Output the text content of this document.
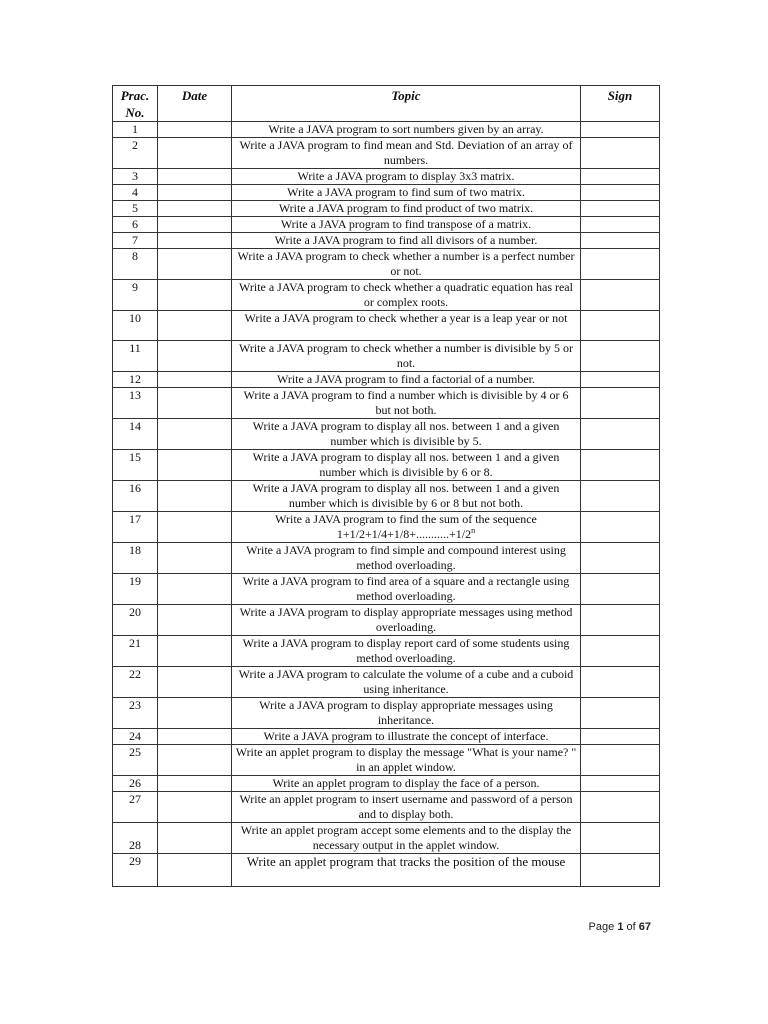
Prac. No.	Date	Topic	Sign
1		Write a JAVA program to sort numbers given by an array.	
2		Write a JAVA program to find mean and Std. Deviation of an array of numbers.	
3		Write a JAVA program to display 3x3 matrix.	
4		Write a JAVA program to find sum of two matrix.	
5		Write a JAVA program to find product of two matrix.	
6		Write a JAVA program to find transpose of a matrix.	
7		Write a JAVA program to find all divisors of a number.	
8		Write a JAVA program to check whether a number is a perfect number or not.	
9		Write a JAVA program to check whether a quadratic equation has real or complex roots.	
10		Write a JAVA program to check whether a year is a leap year or not	
11		Write a JAVA program to check whether a number is divisible by 5 or not.	
12		Write a JAVA program to find a factorial of a number.	
13		Write a JAVA program to find a number which is divisible by 4 or 6 but not both.	
14		Write a JAVA program to display all nos. between 1 and a given number which is divisible by 5.	
15		Write a JAVA program to display all nos. between 1 and a given number which is divisible by 6 or 8.	
16		Write a JAVA program to display all nos. between 1 and a given number which is divisible by 6 or 8 but not both.	
17		Write a JAVA program to find the sum of the sequence
$1+1/2+1/4+1/8+...........+1/2^n$

18		Write a JAVA program to find simple and compound interest using method overloading.	
19		Write a JAVA program to find area of a square and a rectangle using method overloading.	
20		Write a JAVA program to display appropriate messages using method overloading.	
21		Write a JAVA program to display report card of some students using method overloading.	
22		Write a JAVA program to calculate the volume of a cube and a cuboid using inheritance.	
23		Write a JAVA program to display appropriate messages using inheritance.	
24		Write a JAVA program to illustrate the concept of interface.	
25		Write an applet program to display the message "What is your name? " in an applet window.	
26		Write an applet program to display the face of a person.	
27		Write an applet program to insert username and password of a person and to display both.	
28		Write an applet program accept some elements and to the display the necessary output in the applet window.	
29		Write an applet program that tracks the position of the mouse	
Page 1 of 67
